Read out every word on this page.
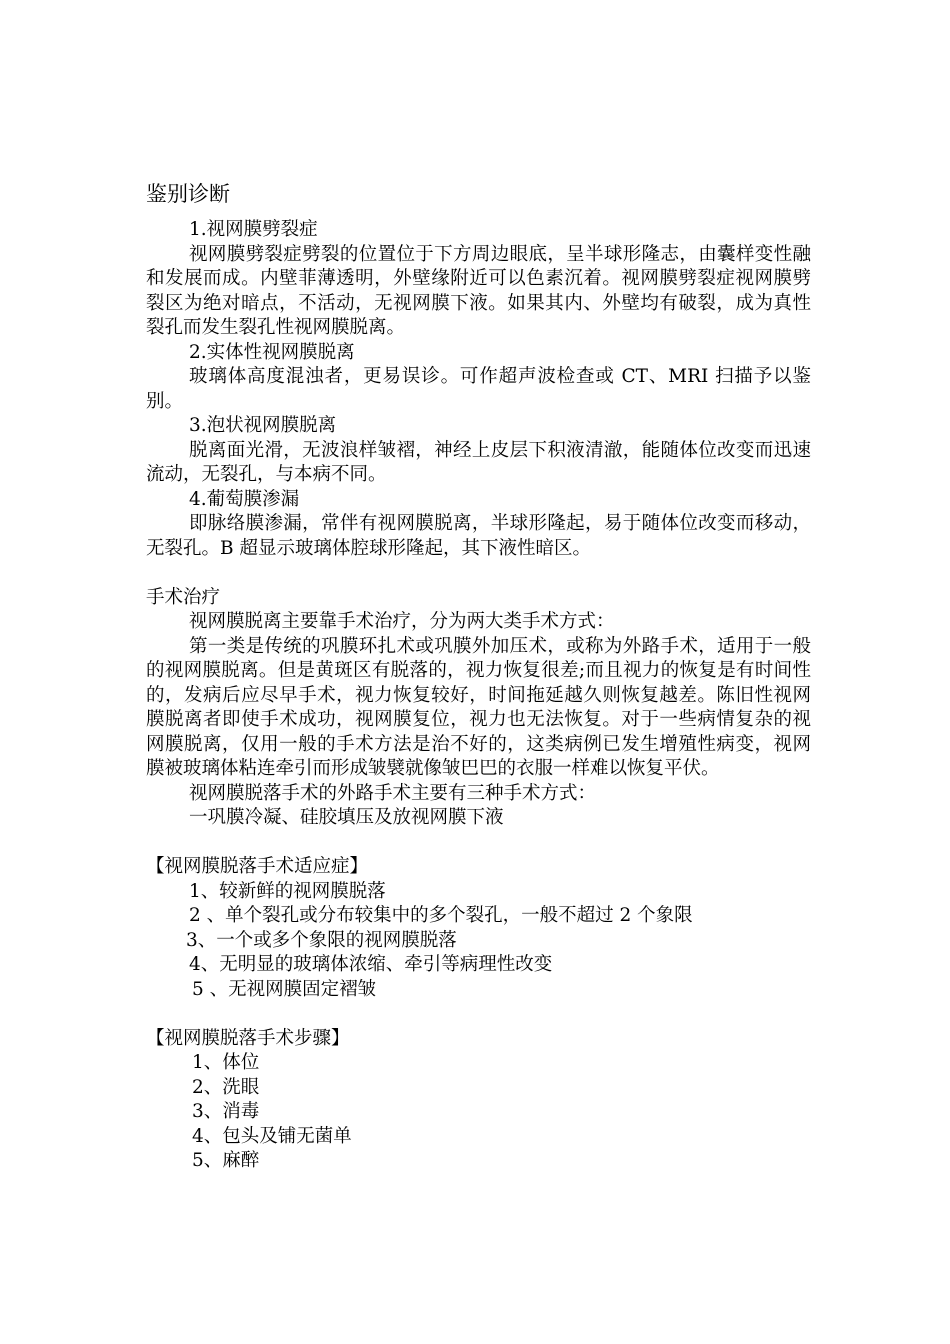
鉴别诊断
1.视网膜劈裂症
视网膜劈裂症劈裂的位置位于下方周边眼底，呈半球形隆志，由囊样变性融和发展而成。内壁菲薄透明，外壁缘附近可以色素沉着。视网膜劈裂症视网膜劈裂区为绝对暗点，不活动，无视网膜下液。如果其内、外壁均有破裂，成为真性裂孔而发生裂孔性视网膜脱离。
2.实体性视网膜脱离
玻璃体高度混浊者，更易误诊。可作超声波检查或 CT、MRI 扫描予以鉴别。
3.泡状视网膜脱离
脱离面光滑，无波浪样皱褶，神经上皮层下积液清澈，能随体位改变而迅速流动，无裂孔，与本病不同。
4.葡萄膜渗漏
即脉络膜渗漏，常伴有视网膜脱离，半球形隆起，易于随体位改变而移动，无裂孔。B 超显示玻璃体腔球形隆起，其下液性暗区。
手术治疗
视网膜脱离主要靠手术治疗，分为两大类手术方式：
第一类是传统的巩膜环扎术或巩膜外加压术，或称为外路手术，适用于一般的视网膜脱离。但是黄斑区有脱落的，视力恢复很差;而且视力的恢复是有时间性的，发病后应尽早手术，视力恢复较好，时间拖延越久则恢复越差。陈旧性视网膜脱离者即使手术成功，视网膜复位，视力也无法恢复。对于一些病情复杂的视网膜脱离，仅用一般的手术方法是治不好的，这类病例已发生增殖性病变，视网膜被玻璃体粘连牵引而形成皱襞就像皱巴巴的衣服一样难以恢复平伏。
视网膜脱落手术的外路手术主要有三种手术方式：
一巩膜冷凝、硅胶填压及放视网膜下液
【视网膜脱落手术适应症】
1、较新鲜的视网膜脱落
2 、单个裂孔或分布较集中的多个裂孔，一般不超过 2 个象限
3、一个或多个象限的视网膜脱落
4、无明显的玻璃体浓缩、牵引等病理性改变
5 、无视网膜固定褶皱
【视网膜脱落手术步骤】
1、体位
2、洗眼
3、消毒
4、包头及铺无菌单
5、麻醉
